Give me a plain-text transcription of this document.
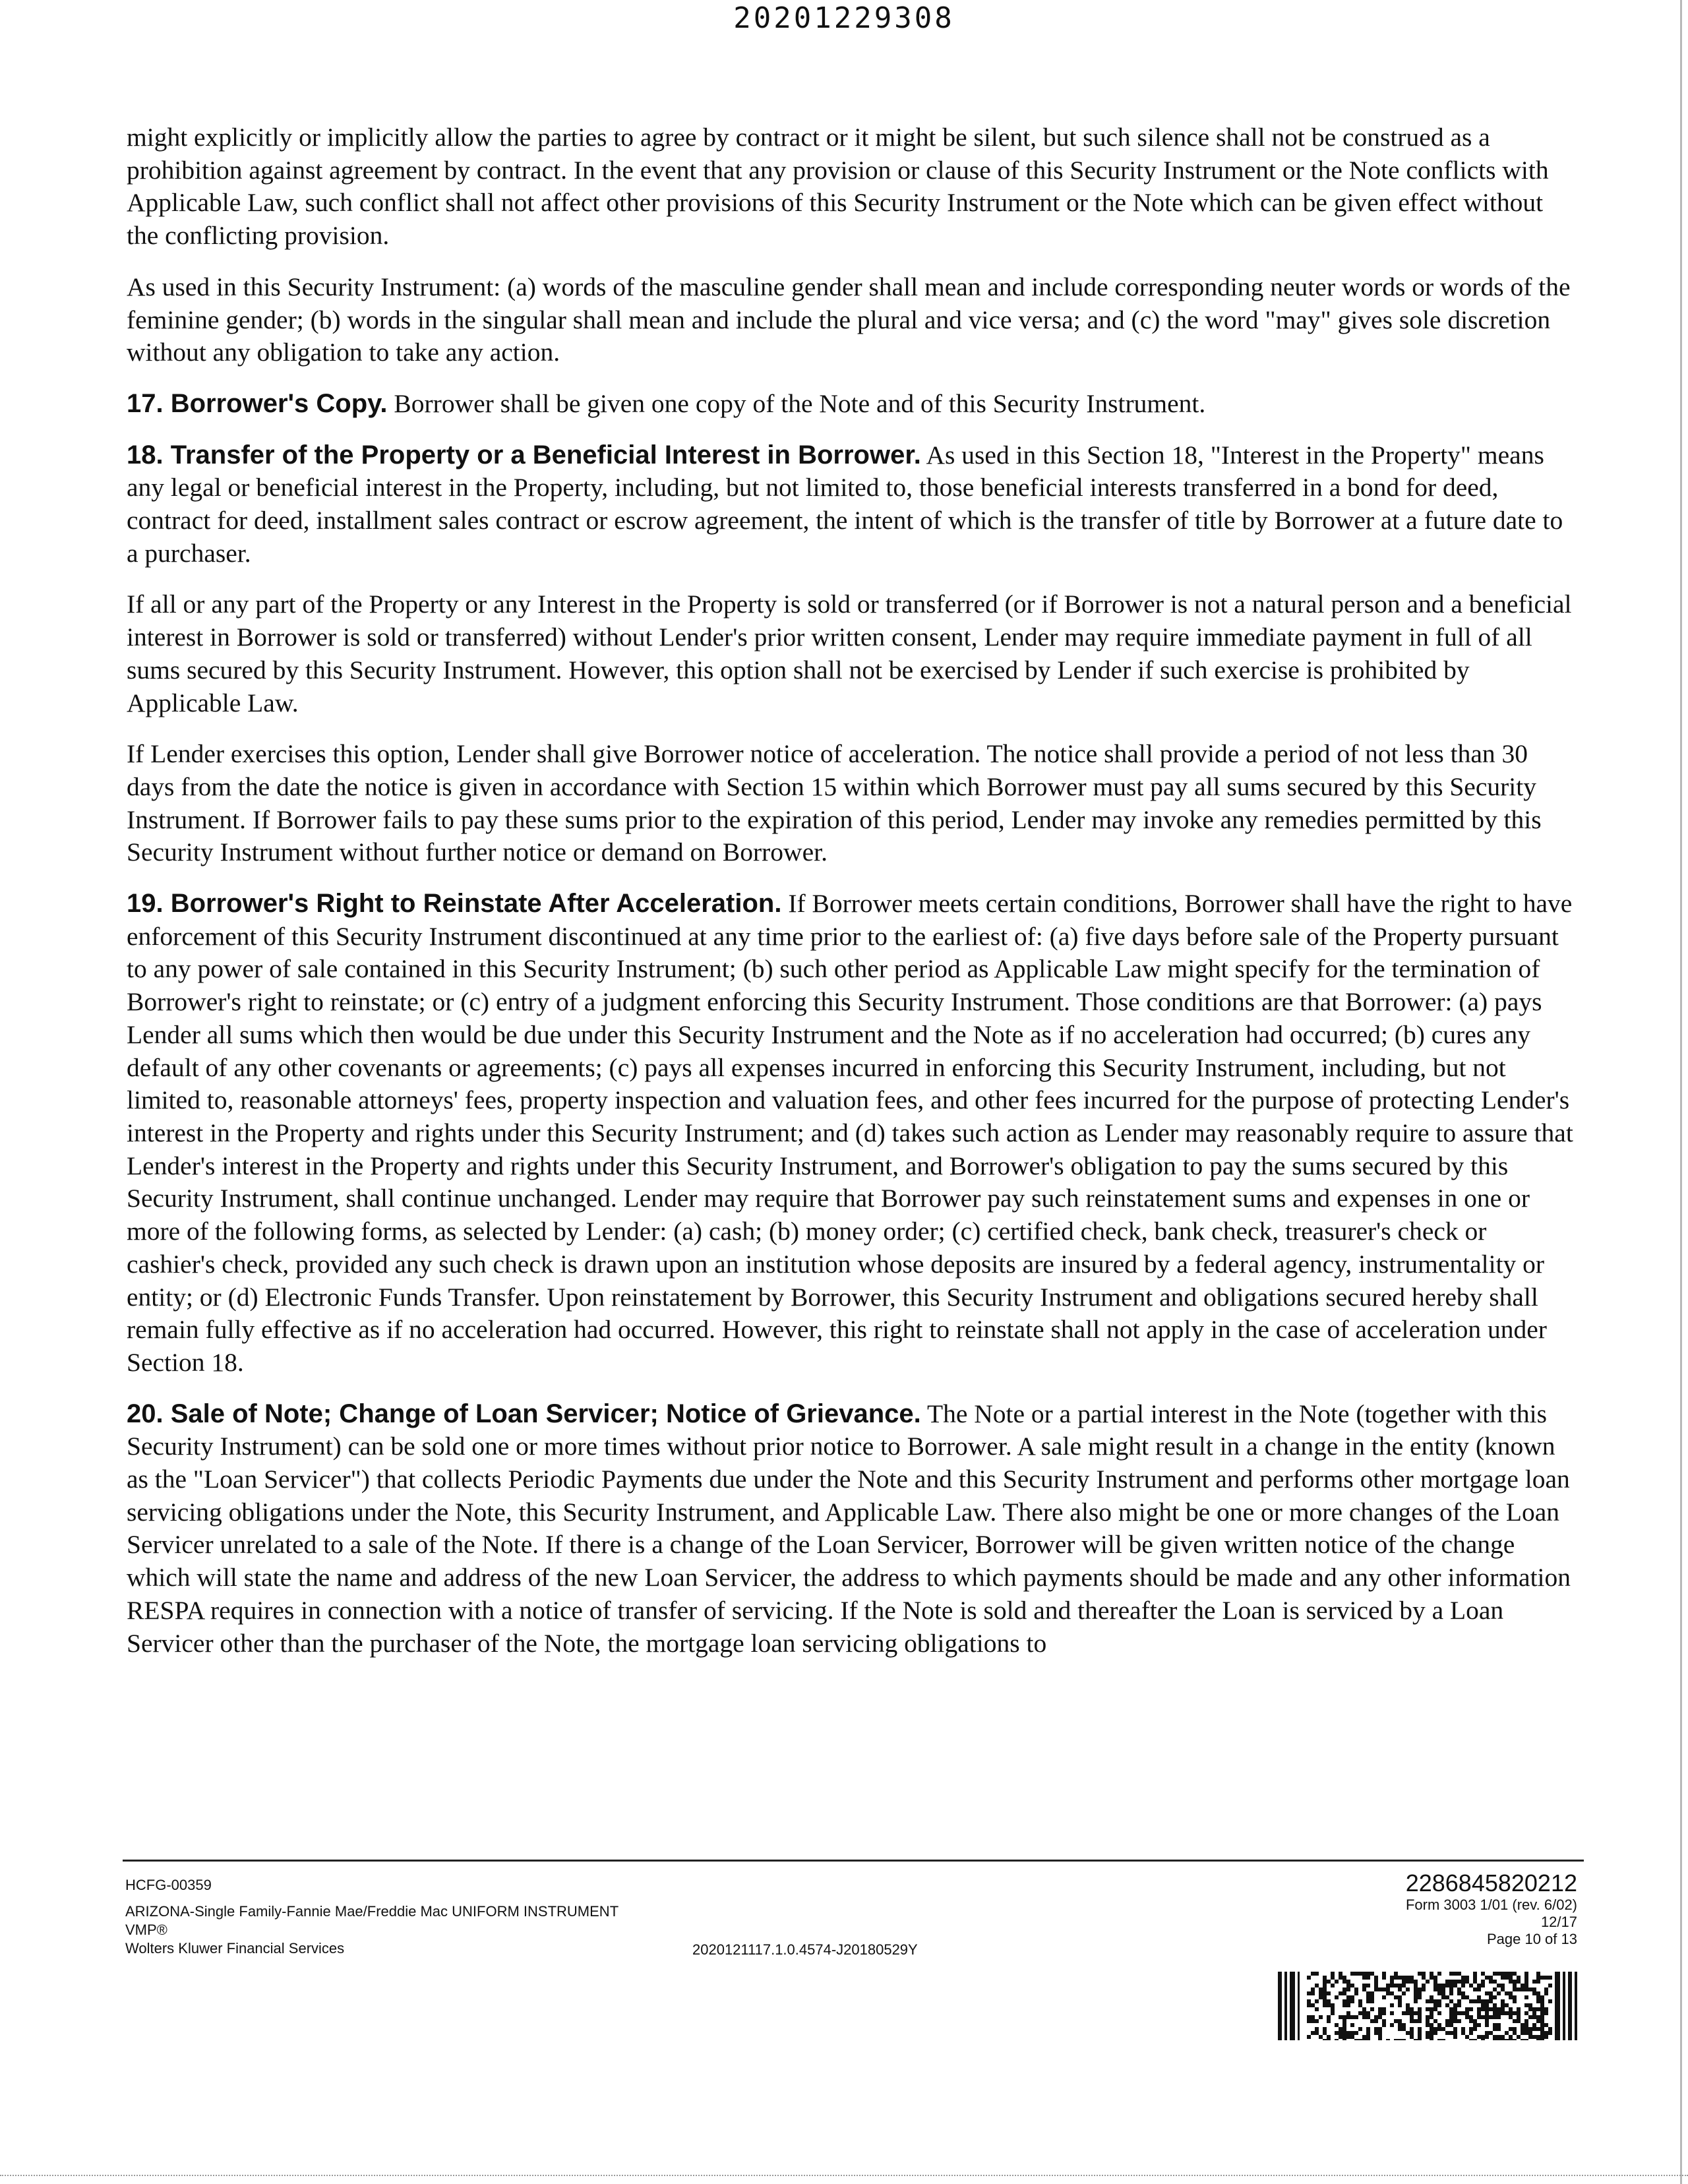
20201229308

might explicitly or implicitly allow the parties to agree by contract or it might be silent, but such silence shall not be construed as a prohibition against agreement by contract. In the event that any provision or clause of this Security Instrument or the Note conflicts with Applicable Law, such conflict shall not affect other provisions of this Security Instrument or the Note which can be given effect without the conflicting provision.

As used in this Security Instrument: (a) words of the masculine gender shall mean and include corresponding neuter words or words of the feminine gender; (b) words in the singular shall mean and include the plural and vice versa; and (c) the word "may" gives sole discretion without any obligation to take any action.

17. Borrower's Copy. Borrower shall be given one copy of the Note and of this Security Instrument.

18. Transfer of the Property or a Beneficial Interest in Borrower. As used in this Section 18, "Interest in the Property" means any legal or beneficial interest in the Property, including, but not limited to, those beneficial interests transferred in a bond for deed, contract for deed, installment sales contract or escrow agreement, the intent of which is the transfer of title by Borrower at a future date to a purchaser.

If all or any part of the Property or any Interest in the Property is sold or transferred (or if Borrower is not a natural person and a beneficial interest in Borrower is sold or transferred) without Lender's prior written consent, Lender may require immediate payment in full of all sums secured by this Security Instrument. However, this option shall not be exercised by Lender if such exercise is prohibited by Applicable Law.

If Lender exercises this option, Lender shall give Borrower notice of acceleration. The notice shall provide a period of not less than 30 days from the date the notice is given in accordance with Section 15 within which Borrower must pay all sums secured by this Security Instrument. If Borrower fails to pay these sums prior to the expiration of this period, Lender may invoke any remedies permitted by this Security Instrument without further notice or demand on Borrower.

19. Borrower's Right to Reinstate After Acceleration. If Borrower meets certain conditions, Borrower shall have the right to have enforcement of this Security Instrument discontinued at any time prior to the earliest of: (a) five days before sale of the Property pursuant to any power of sale contained in this Security Instrument; (b) such other period as Applicable Law might specify for the termination of Borrower's right to reinstate; or (c) entry of a judgment enforcing this Security Instrument. Those conditions are that Borrower: (a) pays Lender all sums which then would be due under this Security Instrument and the Note as if no acceleration had occurred; (b) cures any default of any other covenants or agreements; (c) pays all expenses incurred in enforcing this Security Instrument, including, but not limited to, reasonable attorneys' fees, property inspection and valuation fees, and other fees incurred for the purpose of protecting Lender's interest in the Property and rights under this Security Instrument; and (d) takes such action as Lender may reasonably require to assure that Lender's interest in the Property and rights under this Security Instrument, and Borrower's obligation to pay the sums secured by this Security Instrument, shall continue unchanged. Lender may require that Borrower pay such reinstatement sums and expenses in one or more of the following forms, as selected by Lender: (a) cash; (b) money order; (c) certified check, bank check, treasurer's check or cashier's check, provided any such check is drawn upon an institution whose deposits are insured by a federal agency, instrumentality or entity; or (d) Electronic Funds Transfer. Upon reinstatement by Borrower, this Security Instrument and obligations secured hereby shall remain fully effective as if no acceleration had occurred. However, this right to reinstate shall not apply in the case of acceleration under Section 18.

20. Sale of Note; Change of Loan Servicer; Notice of Grievance. The Note or a partial interest in the Note (together with this Security Instrument) can be sold one or more times without prior notice to Borrower. A sale might result in a change in the entity (known as the "Loan Servicer") that collects Periodic Payments due under the Note and this Security Instrument and performs other mortgage loan servicing obligations under the Note, this Security Instrument, and Applicable Law. There also might be one or more changes of the Loan Servicer unrelated to a sale of the Note. If there is a change of the Loan Servicer, Borrower will be given written notice of the change which will state the name and address of the new Loan Servicer, the address to which payments should be made and any other information RESPA requires in connection with a notice of transfer of servicing. If the Note is sold and thereafter the Loan is serviced by a Loan Servicer other than the purchaser of the Note, the mortgage loan servicing obligations to

HCFG-00359
ARIZONA-Single Family-Fannie Mae/Freddie Mac UNIFORM INSTRUMENT
VMP®
Wolters Kluwer Financial Services	2020121117.1.0.4574-J20180529Y
2286845820212
Form 3003 1/01 (rev. 6/02)
12/17
Page 10 of 13
